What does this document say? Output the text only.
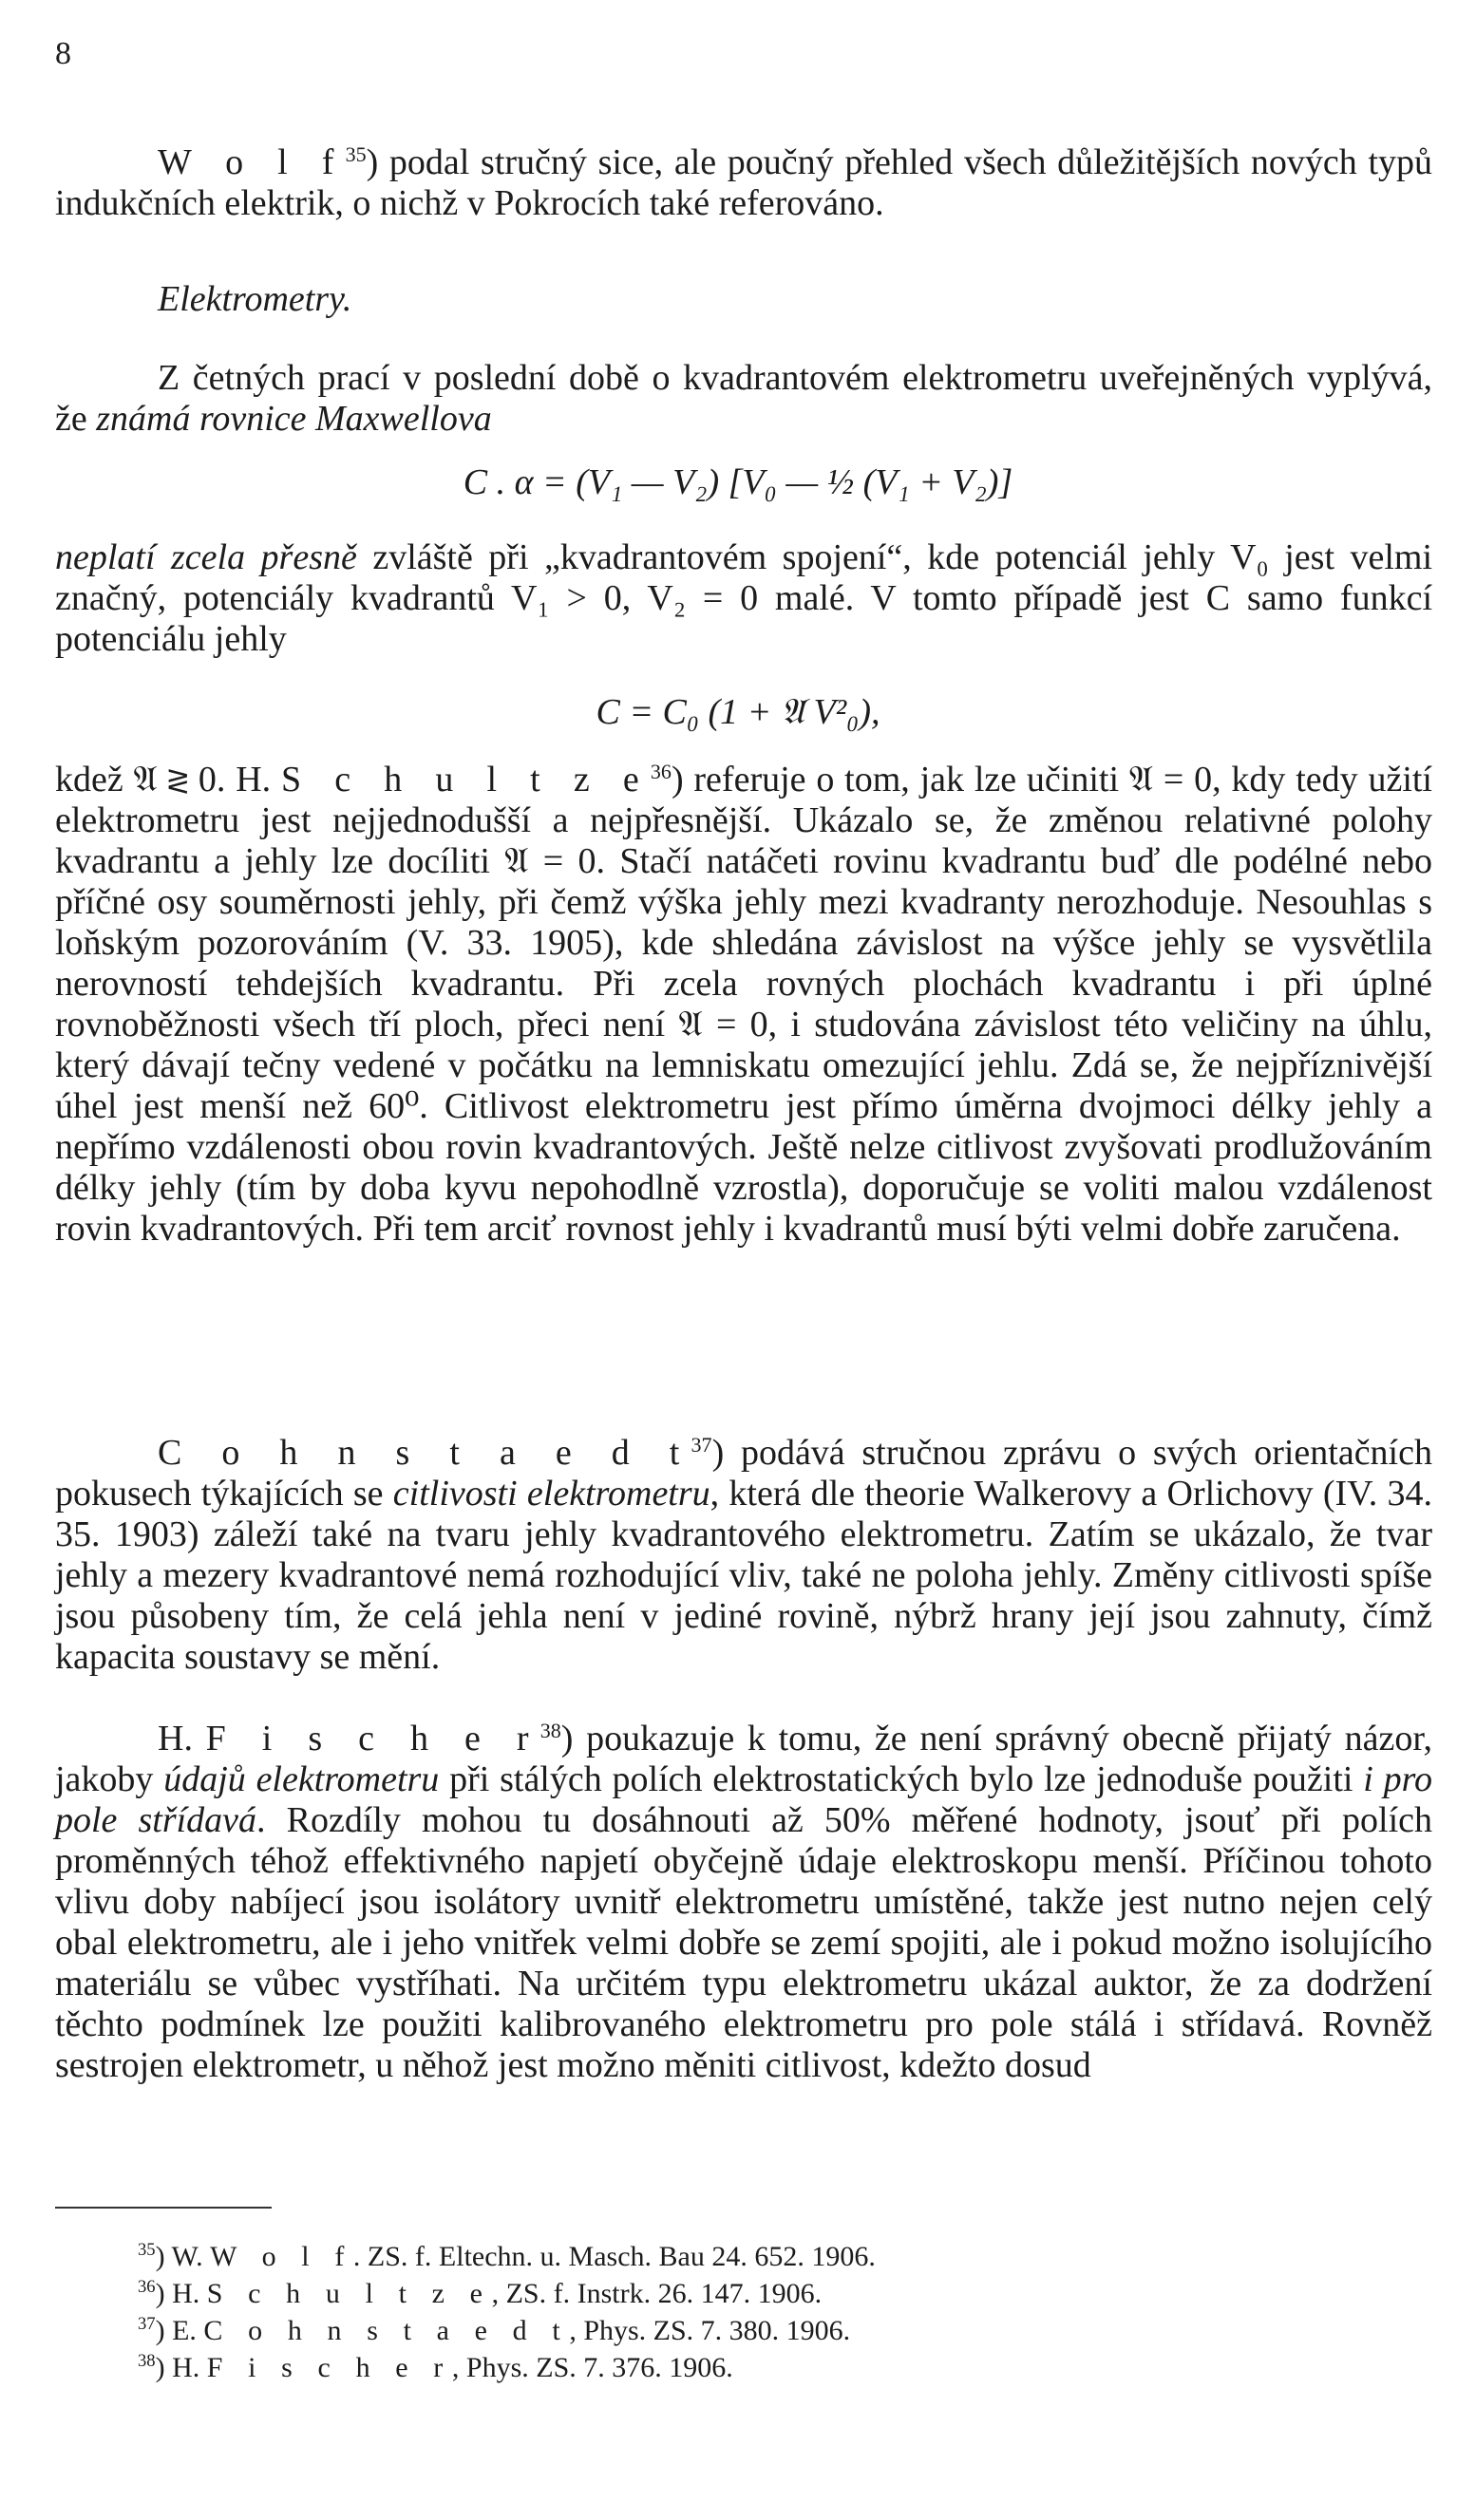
8

W o l $f^{35}$) podal stručný sice, ale poučný přehled všech důležitějších nových typů indukčních elektrik, o nichž v Pokrocích také referováno.

Elektrometry.

Z četných prací v poslední době o kvadrantovém elektrometru uveřejněných vyplývá, že známá rovnice Maxwellova

C . α = (V₁ — V₂) [V₀ — ½ (V₁ + V₂)]

neplatí zcela přesně zvláště při „kvadrantovém spojení“, kde potenciál jehly V₀ jest velmi značný, potenciály kvadrantů V₁ > 0, V₂ = 0 malé. V tomto případě jest C samo funkcí potenciálu jehly

C = C₀ (1 + 𝔄 V²₀),

kdež 𝔄 ≷ 0. H. S c h u l t z $e^{36}$) referuje o tom, jak lze učiniti 𝔄 = 0, kdy tedy užití elektrometru jest nejjednodušší a nejpřesnější. Ukázalo se, že změnou relativné polohy kvadrantu a jehly lze docíliti 𝔄 = 0. Stačí natáčeti rovinu kvadrantu buď dle podélné nebo příčné osy souměrnosti jehly, při čemž výška jehly mezi kvadranty nerozhoduje. Nesouhlas s loňským pozorováním (V. 33. 1905), kde shledána závislost na výšce jehly se vysvětlila nerovností tehdejších kvadrantu. Při zcela rovných plochách kvadrantu i při úplné rovnoběžnosti všech tří ploch, přeci není 𝔄 = 0, i studována závislost této veličiny na úhlu, který dávají tečny vedené v počátku na lemniskatu omezující jehlu. Zdá se, že nejpříznivější úhel jest menší než 60⁰. Citlivost elektrometru jest přímo úměrna dvojmoci délky jehly a nepřímo vzdálenosti obou rovin kvadrantových. Ještě nelze citlivost zvyšovati prodlužováním délky jehly (tím by doba kyvu nepohodlně vzrostla), doporučuje se voliti malou vzdálenost rovin kvadrantových. Při tem arciť rovnost jehly i kvadrantů musí býti velmi dobře zaručena.

C o h n s t a e d $t^{37}$) podává stručnou zprávu o svých orientačních pokusech týkajících se citlivosti elektrometru, která dle theorie Walkerovy a Orlichovy (IV. 34. 35. 1903) záleží také na tvaru jehly kvadrantového elektrometru. Zatím se ukázalo, že tvar jehly a mezery kvadrantové nemá rozhodující vliv, také ne poloha jehly. Změny citlivosti spíše jsou působeny tím, že celá jehla není v jediné rovině, nýbrž hrany její jsou zahnuty, čímž kapacita soustavy se mění.

H. F i s c h e $r^{38}$) poukazuje k tomu, že není správný obecně přijatý názor, jakoby údajů elektrometru při stálých polích elektrostatických bylo lze jednoduše použiti i pro pole střídavá. Rozdíly mohou tu dosáhnouti až 50% měřené hodnoty, jsouť při polích proměnných téhož effektivného napjetí obyčejně údaje elektroskopu menší. Příčinou tohoto vlivu doby nabíjecí jsou isolátory uvnitř elektrometru umístěné, takže jest nutno nejen celý obal elektrometru, ale i jeho vnitřek velmi dobře se zemí spojiti, ale i pokud možno isolujícího materiálu se vůbec vystříhati. Na určitém typu elektrometru ukázal auktor, že za dodržení těchto podmínek lze použiti kalibrovaného elektrometru pro pole stálá i střídavá. Rovněž sestrojen elektrometr, u něhož jest možno měniti citlivost, kdežto dosud

$^{35}$) W. W o l f. ZS. f. Eltechn. u. Masch. Bau 24. 652. 1906.
$^{36}$) H. S c h u l t z e, ZS. f. Instrk. 26. 147. 1906.
$^{37}$) E. C o h n s t a e d t, Phys. ZS. 7. 380. 1906.
$^{38}$) H. F i s c h e r, Phys. ZS. 7. 376. 1906.
